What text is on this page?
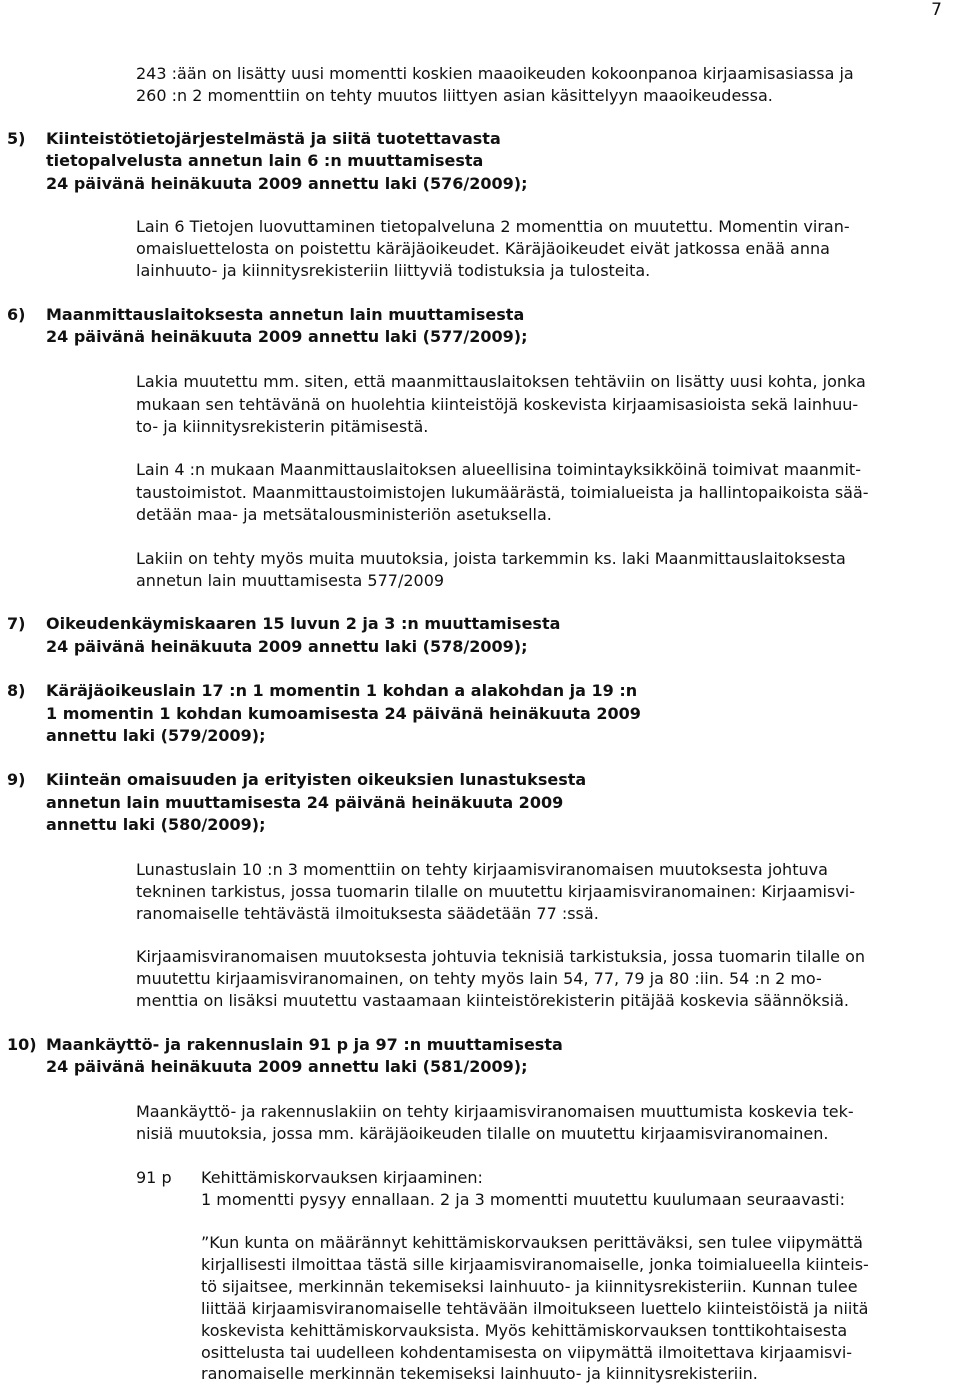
7
243 :ään on lisätty uusi momentti koskien maaoikeuden kokoonpanoa kirjaamisasiassa ja
260 :n 2 momenttiin on tehty muutos liittyen asian käsittelyyn maaoikeudessa.
5) Kiinteistötietojärjestelmästä ja siitä tuotettavasta
tietopalvelusta annetun lain 6 :n muuttamisesta
24 päivänä heinäkuuta 2009 annettu laki (576/2009);
Lain 6 Tietojen luovuttaminen tietopalveluna 2 momenttia on muutettu. Momentin viran-
omaisluettelosta on poistettu käräjäoikeudet. Käräjäoikeudet eivät jatkossa enää anna
lainhuuto- ja kiinnitysrekisteriin liittyviä todistuksia ja tulosteita.
6) Maanmittauslaitoksesta annetun lain muuttamisesta
24 päivänä heinäkuuta 2009 annettu laki (577/2009);
Lakia muutettu mm. siten, että maanmittauslaitoksen tehtäviin on lisätty uusi kohta, jonka
mukaan sen tehtävänä on huolehtia kiinteistöjä koskevista kirjaamisasioista sekä lainhuu-
to- ja kiinnitysrekisterin pitämisestä.
Lain 4 :n mukaan Maanmittauslaitoksen alueellisina toimintayksikköinä toimivat maanmit-
taustoimistot. Maanmittaustoimistojen lukumäärästä, toimialueista ja hallintopaikoista sää-
detään maa- ja metsätalousministeriön asetuksella.
Lakiin on tehty myös muita muutoksia, joista tarkemmin ks. laki Maanmittauslaitoksesta
annetun lain muuttamisesta 577/2009
7) Oikeudenkäymiskaaren 15 luvun 2 ja 3 :n muuttamisesta
24 päivänä heinäkuuta 2009 annettu laki (578/2009);
8) Käräjäoikeuslain 17 :n 1 momentin 1 kohdan a alakohdan ja 19 :n
1 momentin 1 kohdan kumoamisesta 24 päivänä heinäkuuta 2009
annettu laki (579/2009);
9) Kiinteän omaisuuden ja erityisten oikeuksien lunastuksesta
annetun lain muuttamisesta 24 päivänä heinäkuuta 2009
annettu laki (580/2009);
Lunastuslain 10 :n 3 momenttiin on tehty kirjaamisviranomaisen muutoksesta johtuva
tekninen tarkistus, jossa tuomarin tilalle on muutettu kirjaamisviranomainen: Kirjaamisvi-
ranomaiselle tehtävästä ilmoituksesta säädetään 77 :ssä.
Kirjaamisviranomaisen muutoksesta johtuvia teknisiä tarkistuksia, jossa tuomarin tilalle on
muutettu kirjaamisviranomainen, on tehty myös lain 54, 77, 79 ja 80 :iin. 54 :n 2 mo-
menttia on lisäksi muutettu vastaamaan kiinteistörekisterin pitäjää koskevia säännöksiä.
10) Maankäyttö- ja rakennuslain 91 p ja 97 :n muuttamisesta
24 päivänä heinäkuuta 2009 annettu laki (581/2009);
Maankäyttö- ja rakennuslakiin on tehty kirjaamisviranomaisen muuttumista koskevia tek-
nisiä muutoksia, jossa mm. käräjäoikeuden tilalle on muutettu kirjaamisviranomainen.
91 p Kehittämiskorvauksen kirjaaminen:
1 momentti pysyy ennallaan. 2 ja 3 momentti muutettu kuulumaan seuraavasti:
”Kun kunta on määrännyt kehittämiskorvauksen perittäväksi, sen tulee viipymättä
kirjallisesti ilmoittaa tästä sille kirjaamisviranomaiselle, jonka toimialueella kiinteis-
tö sijaitsee, merkinnän tekemiseksi lainhuuto- ja kiinnitysrekisteriin. Kunnan tulee
liittää kirjaamisviranomaiselle tehtävään ilmoitukseen luettelo kiinteistöistä ja niitä
koskevista kehittämiskorvauksista. Myös kehittämiskorvauksen tonttikohtaisesta
osittelusta tai uudelleen kohdentamisesta on viipymättä ilmoitettava kirjaamisvi-
ranomaiselle merkinnän tekemiseksi lainhuuto- ja kiinnitysrekisteriin.
